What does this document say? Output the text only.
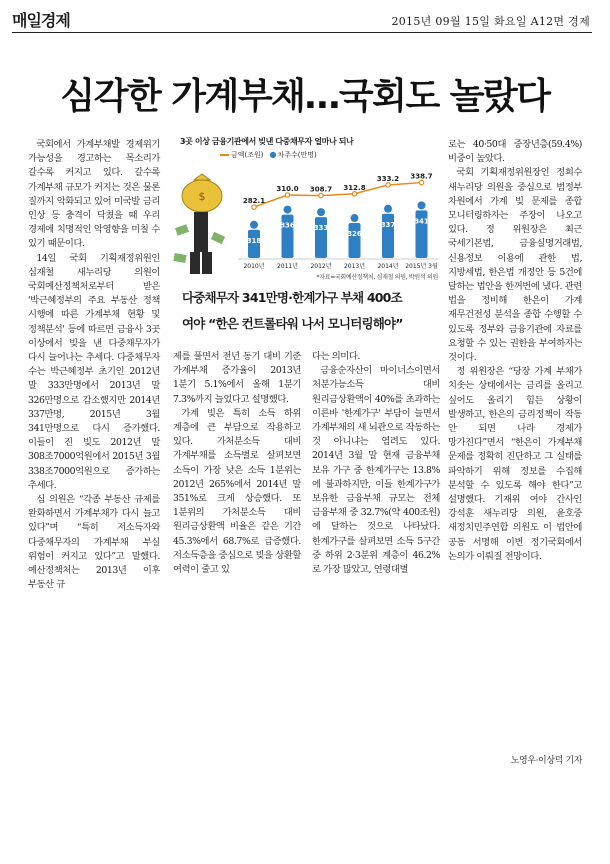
매일경제	2015년 09월 15일 화요일 A12면 경제
심각한 가계부채…국회도 놀랐다

국회에서 가계부채발 경제위기 가능성을 경고하는 목소리가 갈수록 커지고 있다. 갈수록 가계부채 규모가 커지는 것은 물론 질까지 악화되고 있어 미국발 금리 인상 등 충격이 닥쳤을 때 우리 경제에 치명적인 악영향을 미칠 수 있기 때문이다.

14일 국회 기획재정위원인 심재철 새누리당 의원이 국회예산정책처로부터 받은 '박근혜정부의 주요 부동산 정책 시행에 따른 가계부채 현황 및 정책분석' 등에 따르면 금융사 3곳 이상에서 빚을 낸 다중채무자가 다시 늘어나는 추세다. 다중채무자 수는 박근혜정부 초기인 2012년 말 333만명에서 2013년 말 326만명으로 감소했지만 2014년 337만명, 2015년 3월 341만명으로 다시 증가했다. 이들이 진 빚도 2012년 말 308조7000억원에서 2015년 3월 338조7000억원으로 증가하는 추세다.

심 의원은 “각종 부동산 규제를 완화하면서 가계부채가 다시 늘고 있다”며 “특히 저소득자와 다중채무자의 가계부채 부실 위험이 커지고 있다”고 말했다. 예산정책처는 2013년 이후 부동산 규

3곳 이상 금융기관에서 빚낸 다중채무자 얼마나 되나
금액(조원) ●차주수(만명)
$
318
2010년
336
2011년
333
2012년
326
2013년
337
2014년
341
2015년 3월
282.1
310.0 308.7 312.8
333.2 338.7
*자료=국회예산정책처, 심재철 의원, 박원석 의원
다중채무자 341만명·한계가구 부채 400조
여야 “한은 컨트롤타워 나서 모니터링해야”

제를 풀면서 전년 동기 대비 기준 가계부채 증가율이 2013년 1분기 5.1%에서 올해 1분기 7.3%까지 늘었다고 설명했다.

가계 빚은 특히 소득 하위 계층에 큰 부담으로 작용하고 있다. 가처분소득 대비 가계부채를 소득별로 살펴보면 소득이 가장 낮은 소득 1분위는 2012년 265%에서 2014년 말 351%로 크게 상승했다. 또 1분위의 가처분소득 대비 원리금상환액 비율은 같은 기간 45.3%에서 68.7%로 급증했다. 저소득층을 중심으로 빚을 상환할 여력이 줄고 있

다는 의미다.

금융순자산이 마이너스이면서 처분가능소득 대비 원리금상환액이 40%를 초과하는 이른바 '한계가구' 부담이 늘면서 가계부채의 새 뇌관으로 작동하는 것 아니냐는 염려도 있다. 2014년 3월 말 현재 금융부채 보유 가구 중 한계가구는 13.8%에 불과하지만, 이들 한계가구가 보유한 금융부채 규모는 전체 금융부채 중 32.7%(약 400조원)에 달하는 것으로 나타났다. 한계가구를 살펴보면 소득 5구간 중 하위 2·3분위 계층이 46.2%로 가장 많았고, 연령대별

로는 40·50대 중장년층(59.4%) 비중이 높았다.

국회 기획재정위원장인 정희수 새누리당 의원을 중심으로 범정부 차원에서 가계 빚 문제를 종합 모니터링하자는 주장이 나오고 있다. 정 위원장은 최근 국세기본법, 금융실명거래법, 신용정보 이용에 관한 법, 지방세법, 한은법 개정안 등 5건에 달하는 법안을 한꺼번에 냈다. 관련 법을 정비해 한은이 가계 재무건전성 분석을 종합 수행할 수 있도록 정부와 금융기관에 자료를 요청할 수 있는 권한을 부여하자는 것이다.

정 위원장은 “당장 가계 부채가 치솟는 상태에서는 금리를 올리고 싶어도 올리기 힘든 상황이 발생하고, 한은의 금리정책이 작동 안 되면 나라 경제가 망가진다”면서 “한은이 가계부채 문제를 정확히 진단하고 그 실태를 파악하기 위해 정보를 수집해 분석할 수 있도록 해야 한다”고 설명했다. 기재위 여야 간사인 강석훈 새누리당 의원, 윤호중 새정치민주연합 의원도 이 법안에 공동 서명해 이번 정기국회에서 논의가 이뤄질 전망이다.

노영우·이상덕 기자
